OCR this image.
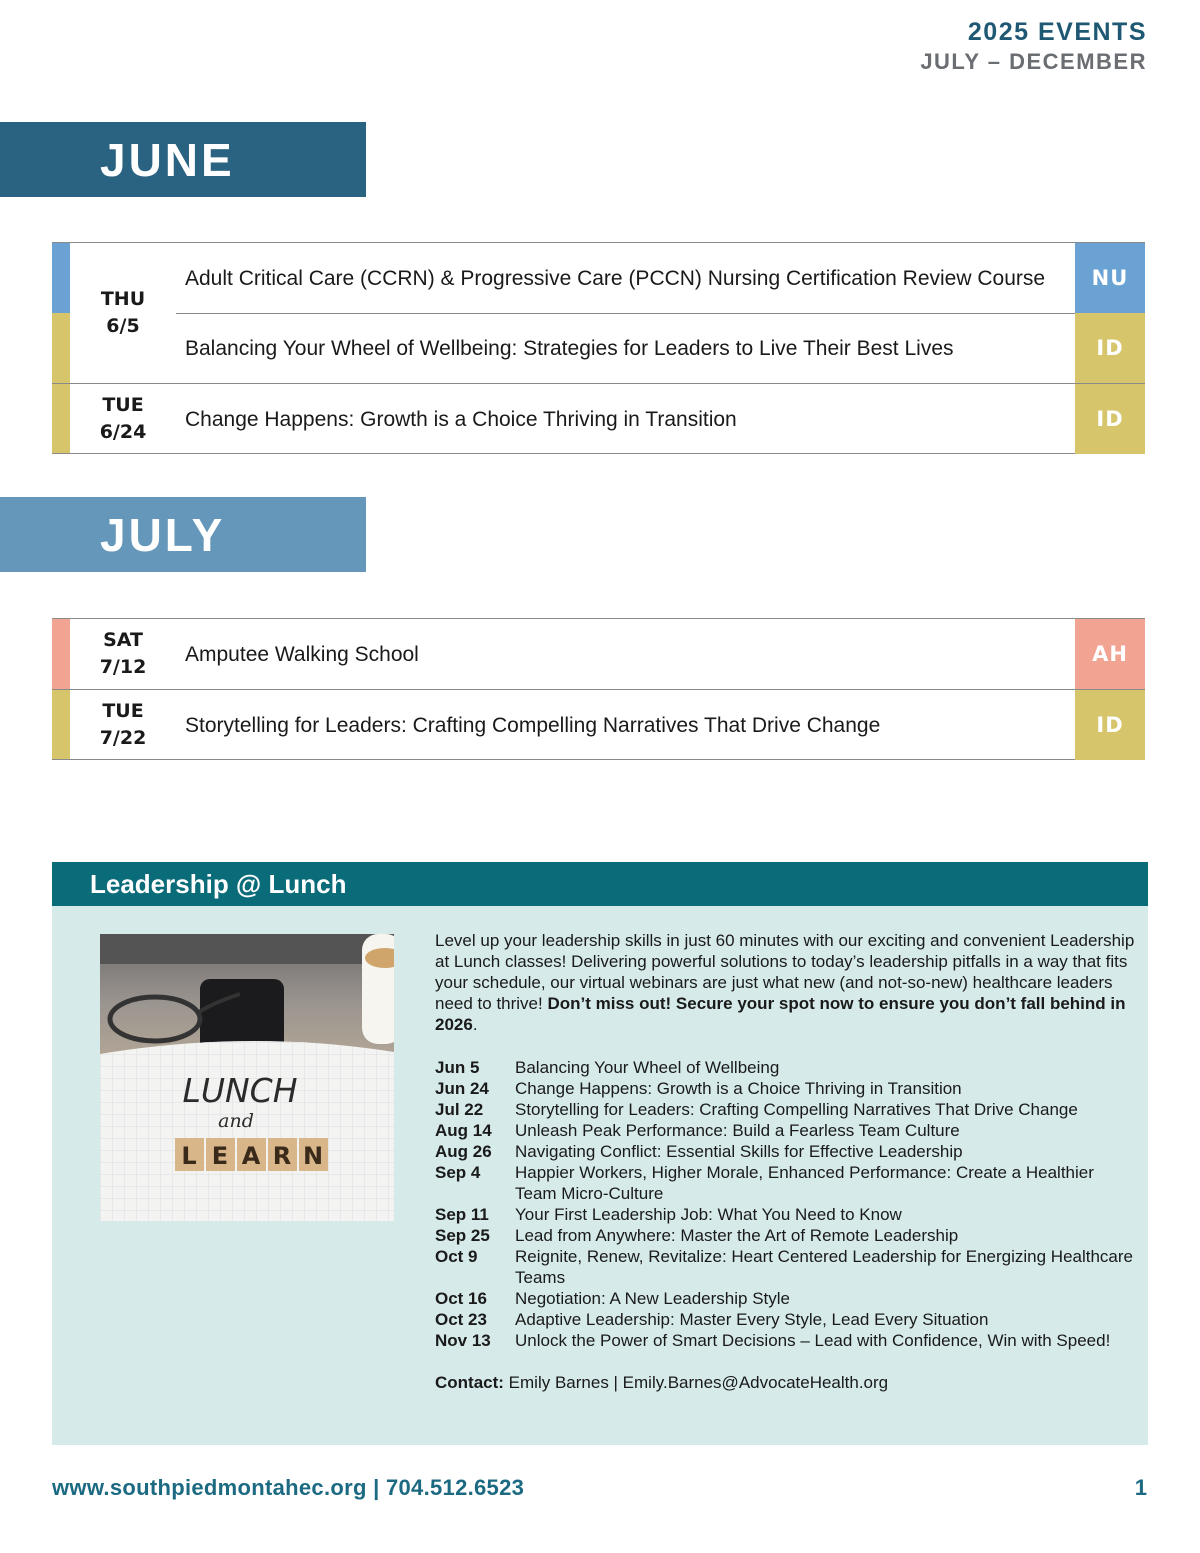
2025 EVENTS
JULY – DECEMBER
JUNE
THU
6/5
Adult Critical Care (CCRN) & Progressive Care (PCCN) Nursing Certification Review Course	NU
Balancing Your Wheel of Wellbeing: Strategies for Leaders to Live Their Best Lives	ID
TUE
6/24
Change Happens: Growth is a Choice Thriving in Transition	ID
JULY
SAT
7/12
Amputee Walking School	AH
TUE
7/22
Storytelling for Leaders: Crafting Compelling Narratives That Drive Change	ID
Leadership @ Lunch
LUNCH
and
L E A R N

Level up your leadership skills in just 60 minutes with our exciting and convenient Leadership at Lunch classes! Delivering powerful solutions to today’s leadership pitfalls in a way that fits your schedule, our virtual webinars are just what new (and not-so-new) healthcare leaders need to thrive! Don’t miss out! Secure your spot now to ensure you don’t fall behind in 2026.

Jun 5	Balancing Your Wheel of Wellbeing
Jun 24	Change Happens: Growth is a Choice Thriving in Transition
Jul 22	Storytelling for Leaders: Crafting Compelling Narratives That Drive Change
Aug 14	Unleash Peak Performance: Build a Fearless Team Culture
Aug 26	Navigating Conflict: Essential Skills for Effective Leadership
Sep 4	Happier Workers, Higher Morale, Enhanced Performance: Create a Healthier Team Micro-Culture
Sep 11	Your First Leadership Job: What You Need to Know
Sep 25	Lead from Anywhere: Master the Art of Remote Leadership
Oct 9	Reignite, Renew, Revitalize: Heart Centered Leadership for Energizing Healthcare Teams
Oct 16	Negotiation: A New Leadership Style
Oct 23	Adaptive Leadership: Master Every Style, Lead Every Situation
Nov 13	Unlock the Power of Smart Decisions – Lead with Confidence, Win with Speed!

Contact: Emily Barnes | Emily.Barnes@AdvocateHealth.org

www.southpiedmontahec.org | 704.512.6523	1
